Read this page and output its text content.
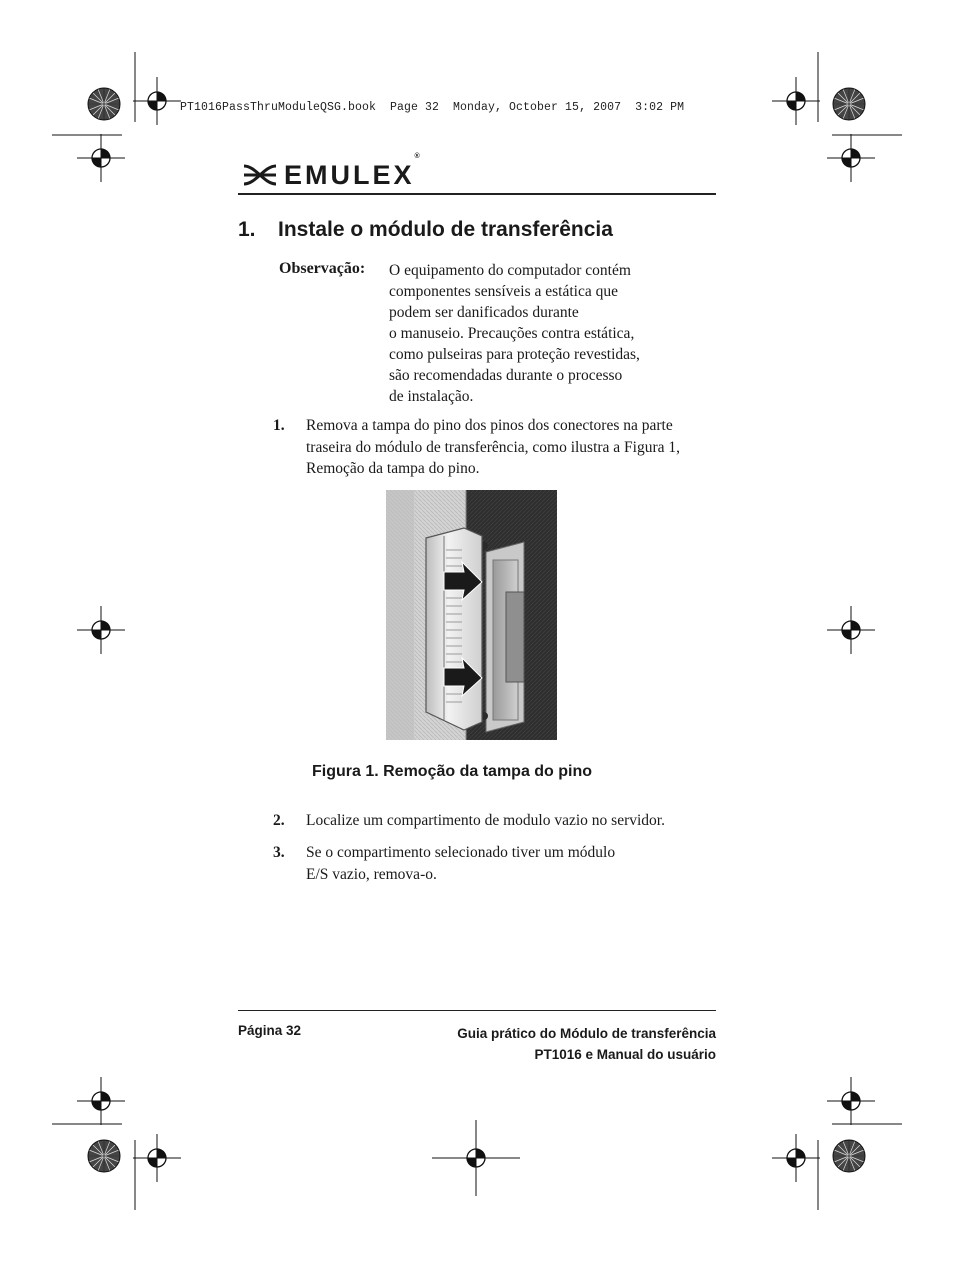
PT1016PassThruModuleQSG.book  Page 32  Monday, October 15, 2007  3:02 PM
EMULEX®
1.	Instale o módulo de transferência
Observação: O equipamento do computador contém
componentes sensíveis a estática que
podem ser danificados durante
o manuseio. Precauções contra estática,
como pulseiras para proteção revestidas,
são recomendadas durante o processo
de instalação.
1.	Remova a tampa do pino dos pinos dos conectores na parte
traseira do módulo de transferência, como ilustra a Figura 1,
Remoção da tampa do pino.
Figura 1. Remoção da tampa do pino
2.	Localize um compartimento de modulo vazio no servidor.
3.	Se o compartimento selecionado tiver um módulo
E/S vazio, remova-o.
Página 32	Guia prático do Módulo de transferência
PT1016 e Manual do usuário
